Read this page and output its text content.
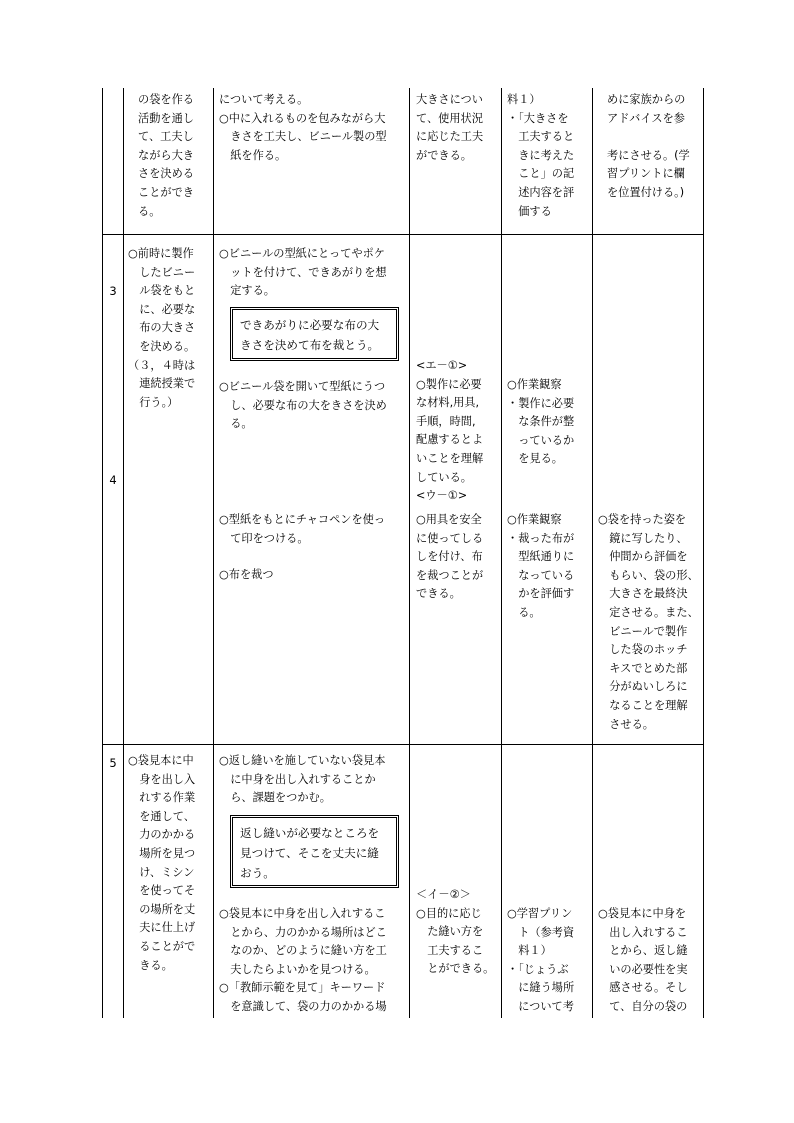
の袋を作る
活動を通し
て、工夫し
ながら大き
さを決める
ことができ
る。
について考える。
○中に入れるものを包みながら大
　きさを工夫し、ビニール製の型
　紙を作る。
大きさについ
て、使用状況
に応じた工夫
ができる。
料１）
・「大きさを
　工夫すると
　きに考えた
　こと」の記
　述内容を評
　価する
めに家族からの
アドバイスを参

考にさせる。(学
習プリントに欄
を位置付ける。)
3
4
○前時に製作
　したビニー
　ル袋をもと
　に、必要な
　布の大きさ
　を決める。
（３，４時は
　連続授業で
　行う。）
○ビニールの型紙にとってやポケ
　ットを付けて、できあがりを想
　定する。
できあがりに必要な布の大
きさを決めて布を裁とう。
○ビニール袋を開いて型紙にうつ
　し、必要な布の大をきさを決め
　る。
○型紙をもとにチャコペンを使っ
　て印をつける。
○布を裁つ
<エ－①>
○製作に必要
な材料,用具,
手順，時間,
配慮するとよ
いことを理解
している。
<ウ－①>
○用具を安全
に使ってしる
しを付け、布
を裁つことが
できる。
○作業観察
・製作に必要
　な条件が整
　っているか
　を見る。
○作業観察
・裁った布が
　型紙通りに
　なっている
　かを評価す
　る。
○袋を持った姿を
　鏡に写したり、
　仲間から評価を
　もらい、袋の形、
　大きさを最終決
　定させる。また、
　ビニールで製作
　した袋のホッチ
　キスでとめた部
　分がぬいしろに
　なることを理解
　させる。
5	○袋見本に中
　身を出し入
　れする作業
　を通して、
　力のかかる
　場所を見つ
　け、ミシン
　を使ってそ
　の場所を丈
　夫に仕上げ
　ることがで
　きる。
○返し縫いを施していない袋見本
　に中身を出し入れすることか
　ら、課題をつかむ。
返し縫いが必要なところを
見つけて、そこを丈夫に縫
おう。
○袋見本に中身を出し入れするこ
　とから、力のかかる場所はどこ
　なのか、どのように縫い方を工
　夫したらよいかを見つける。
○「教師示範を見て」キーワード
　を意識して、袋の力のかかる場
＜イ－②＞
○目的に応じ
　た縫い方を
　工夫するこ
　とができる。
○学習プリン
　ト（参考資
　料１）
・「じょうぶ
　に縫う場所
　について考
○袋見本に中身を
　出し入れするこ
　とから、返し縫
　いの必要性を実
　感させる。そし
　て、自分の袋の
